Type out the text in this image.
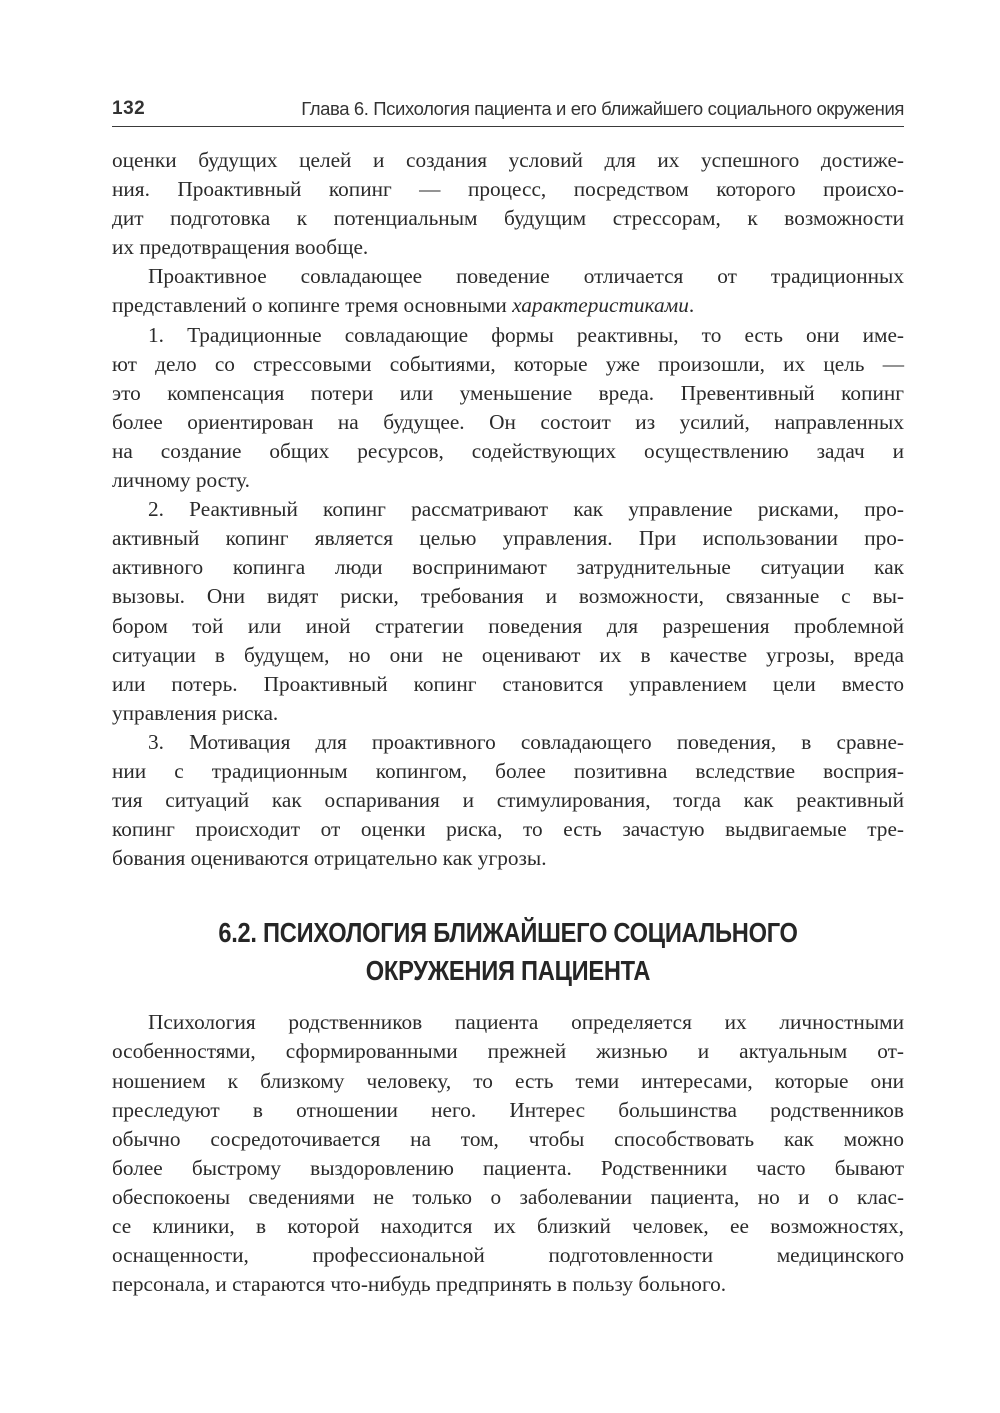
132	Глава 6. Психология пациента и его ближайшего социального окружения

оценки будущих целей и создания условий для их успешного достиже-
ния. Проактивный копинг — процесс, посредством которого происхо-
дит подготовка к потенциальным будущим стрессорам, к возможности
их предотвращения вообще.

Проактивное совладающее поведение отличается от традиционных
представлений о копинге тремя основными характеристиками.

1. Традиционные совладающие формы реактивны, то есть они име-
ют дело со стрессовыми событиями, которые уже произошли, их цель —
это компенсация потери или уменьшение вреда. Превентивный копинг
более ориентирован на будущее. Он состоит из усилий, направленных
на создание общих ресурсов, содействующих осуществлению задач и
личному росту.

2. Реактивный копинг рассматривают как управление рисками, про-
активный копинг является целью управления. При использовании про-
активного копинга люди воспринимают затруднительные ситуации как
вызовы. Они видят риски, требования и возможности, связанные с вы-
бором той или иной стратегии поведения для разрешения проблемной
ситуации в будущем, но они не оценивают их в качестве угрозы, вреда
или потерь. Проактивный копинг становится управлением цели вместо
управления риска.

3. Мотивация для проактивного совладающего поведения, в сравне-
нии с традиционным копингом, более позитивна вследствие восприя-
тия ситуаций как оспаривания и стимулирования, тогда как реактивный
копинг происходит от оценки риска, то есть зачастую выдвигаемые тре-
бования оцениваются отрицательно как угрозы.

6.2. ПСИХОЛОГИЯ БЛИЖАЙШЕГО СОЦИАЛЬНОГО
ОКРУЖЕНИЯ ПАЦИЕНТА

Психология родственников пациента определяется их личностными
особенностями, сформированными прежней жизнью и актуальным от-
ношением к близкому человеку, то есть теми интересами, которые они
преследуют в отношении него. Интерес большинства родственников
обычно сосредоточивается на том, чтобы способствовать как можно
более быстрому выздоровлению пациента. Родственники часто бывают
обеспокоены сведениями не только о заболевании пациента, но и о клас-
се клиники, в которой находится их близкий человек, ее возможностях,
оснащенности, профессиональной подготовленности медицинского
персонала, и стараются что-нибудь предпринять в пользу больного.
